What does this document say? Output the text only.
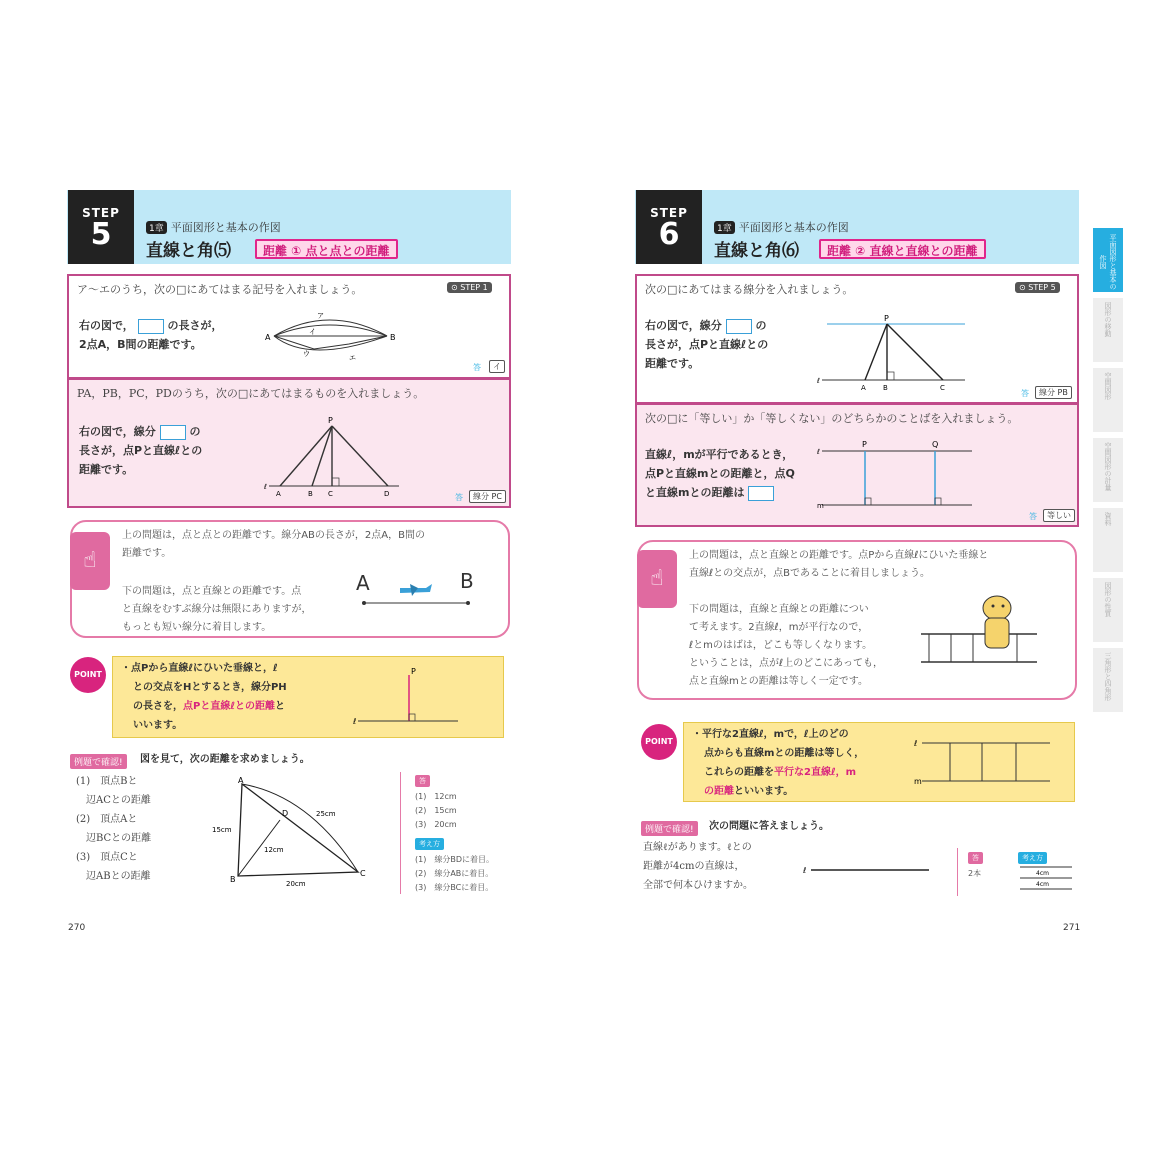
STEP
5	1章 平面図形と基本の作図
直線と角⑸	距離 ① 点と点との距離
ア～エのうち，次の□にあてはまる記号を入れましょう。	⊙ STEP 1
右の図で，	の長さが，
2点A，B間の距離です。
A	B
ア
イ
ウ	エ
答	イ
PA，PB，PC，PDのうち，次の□にあてはまるものを入れましょう。
右の図で，線分	の
長さが，点Pと直線ℓとの
距離です。
P
A	B C	D
ℓ
答	線分 PC
☝
上の問題は，点と点との距離です。線分ABの長さが，2点A，B間の
距離です。
下の問題は，点と直線との距離です。点
と直線をむすぶ線分は無限にありますが，
もっとも短い線分に着目します。
A	B
POINT
・点Pから直線ℓにひいた垂線と，ℓ
との交点をHとするとき，線分PH
の長さを，点Pと直線ℓとの距離と
いいます。
P
ℓ
例題で確認!	図を見て，次の距離を求めましょう。
(1)　頂点Bと
　辺ACとの距離
(2)　頂点Aと
　辺BCとの距離
(3)　頂点Cと
　辺ABとの距離
A
B
C
D
15cm
25cm
12cm
20cm
答
(1)　12cm
(2)　15cm
(3)　20cm
考え方
(1)　線分BDに着目。
(2)　線分ABに着目。
(3)　線分BCに着目。
270
STEP
6	1章 平面図形と基本の作図
直線と角⑹	距離 ② 直線と直線との距離
次の□にあてはまる線分を入れましょう。	⊙ STEP 5
右の図で，線分	の
長さが，点Pと直線ℓとの
距離です。
P
A B	C
ℓ
答	線分 PB
次の□に「等しい」か「等しくない」のどちらかのことばを入れましょう。
直線ℓ，mが平行であるとき，
点Pと直線mとの距離と，点Q
と直線mとの距離は
P	Q
ℓ
m
答	等しい
☝
上の問題は，点と直線との距離です。点Pから直線ℓにひいた垂線と
直線ℓとの交点が，点Bであることに着目しましょう。
下の問題は，直線と直線との距離につい
て考えます。2直線ℓ，mが平行なので，
ℓとmのはばは，どこも等しくなります。
ということは，点がℓ上のどこにあっても，
点と直線mとの距離は等しく一定です。
POINT
・平行な2直線ℓ，mで，ℓ上のどの
点からも直線mとの距離は等しく，
これらの距離を平行な2直線ℓ，m
の距離といいます。
ℓ
m
例題で確認!	次の問題に答えましょう。
直線ℓがあります。ℓとの
距離が4cmの直線は，
全部で何本ひけますか。
ℓ
答
2本
考え方
4cm
4cm
271
平面図形と基本の作図
図形の移動
空間図形
空間図形の計量
資料
図形の性質
三角形と四角形
